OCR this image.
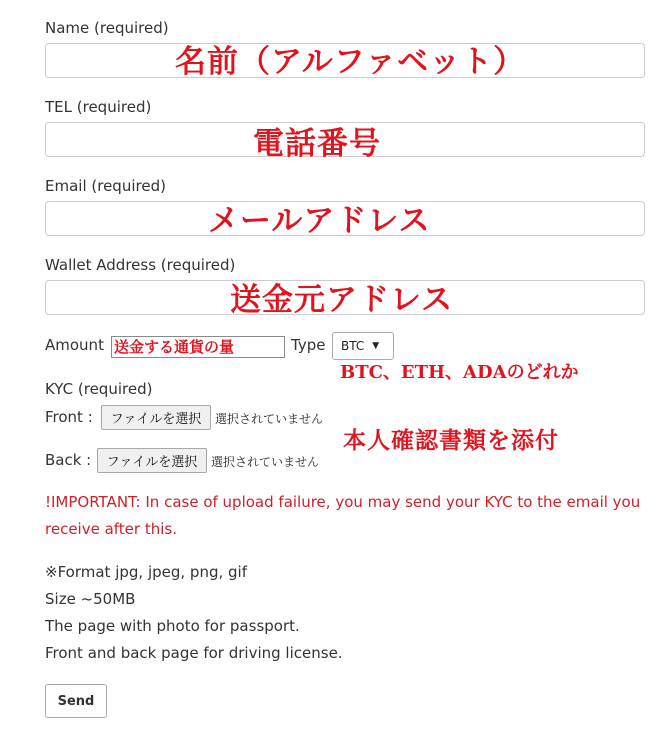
Name (required)
名前（アルファベット）
TEL (required)
電話番号
Email (required)
メールアドレス
Wallet Address (required)
送金元アドレス
Amount 送金する通貨の量	Type BTC ▼
BTC、ETH、ADAのどれか
KYC (required)
Front :	ファイルを選択	選択されていません
本人確認書類を添付
Back :	ファイルを選択	選択されていません
!IMPORTANT: In case of upload failure, you may send your KYC to the email you receive after this.
※Format jpg, jpeg, png, gif
Size ~50MB
The page with photo for passport.
Front and back page for driving license.
Send
